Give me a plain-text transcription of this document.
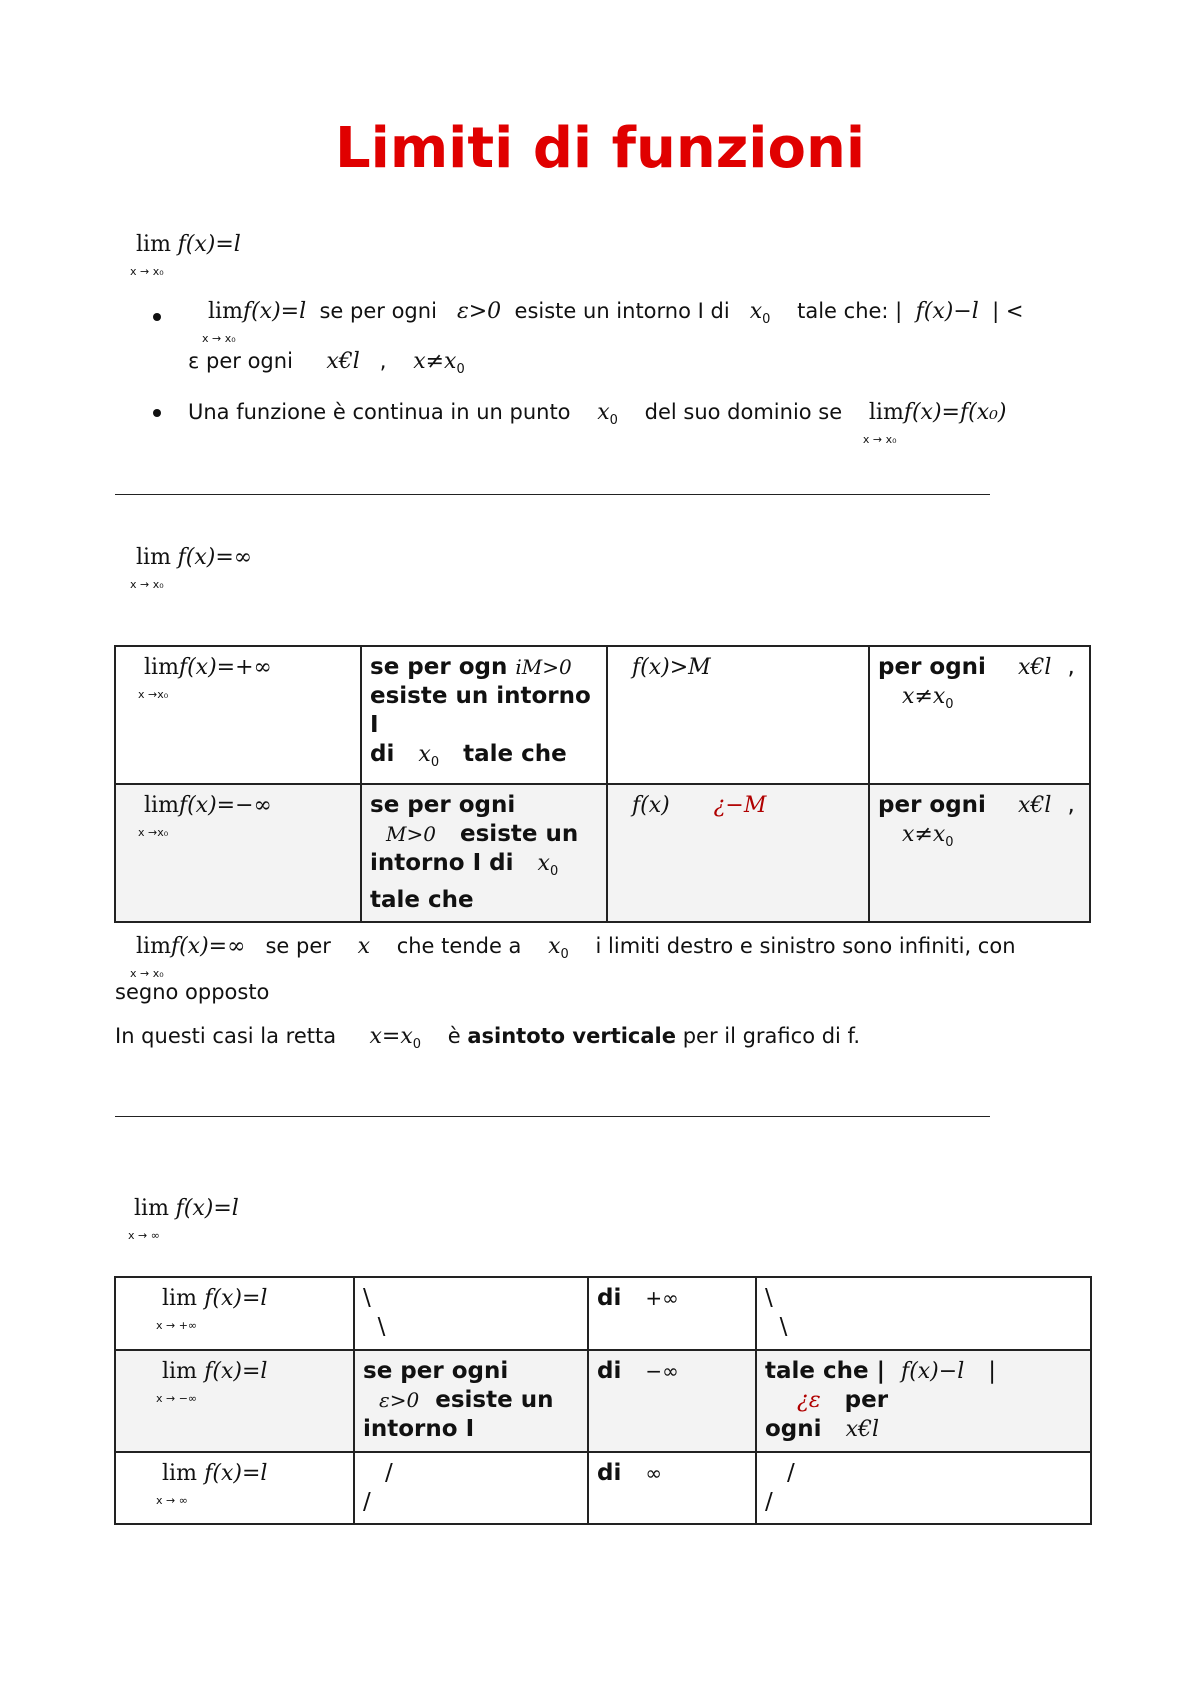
Limiti di funzioni
lim
x → x₀
f(x)=l
lim
x → x₀
f(x)=l se per ogni ε>0 esiste un intorno I di $x_0$ tale che: | f(x)−l | <
ε per ogni x€l , $x\ne x_0$
Una funzione è continua in un punto $x_0$ del suo dominio se lim
x → x₀
f(x)=f(x₀)
lim
x → x₀
f(x)=∞
lim
x →x₀
f(x)=+∞	se per ogn iM>0
esiste un intorno I
di $x_0$ tale che	f(x)>M	per ogni x€l ,
$x\ne x_0$
lim
x →x₀
f(x)=−∞	se per ogni
M>0 esiste un
intorno I di $x_0$
tale che	f(x) ¿−M	per ogni x€l ,
$x\ne x_0$
lim
x → x₀
f(x)=∞ se per x che tende a $x_0$ i limiti destro e sinistro sono infiniti, con
segno opposto
In questi casi la retta $x=x_0$ è asintoto verticale per il grafico di f.
lim
x → ∞
f(x)=l
lim
x → +∞
f(x)=l	\
\	di +∞	\
\
lim
x → −∞
f(x)=l	se per ogni
ε>0 esiste un
intorno I	di −∞	tale che | f(x)−l |    ¿ε per
ogni x€l
lim
x → ∞
f(x)=l	/
/	di ∞	/
/
